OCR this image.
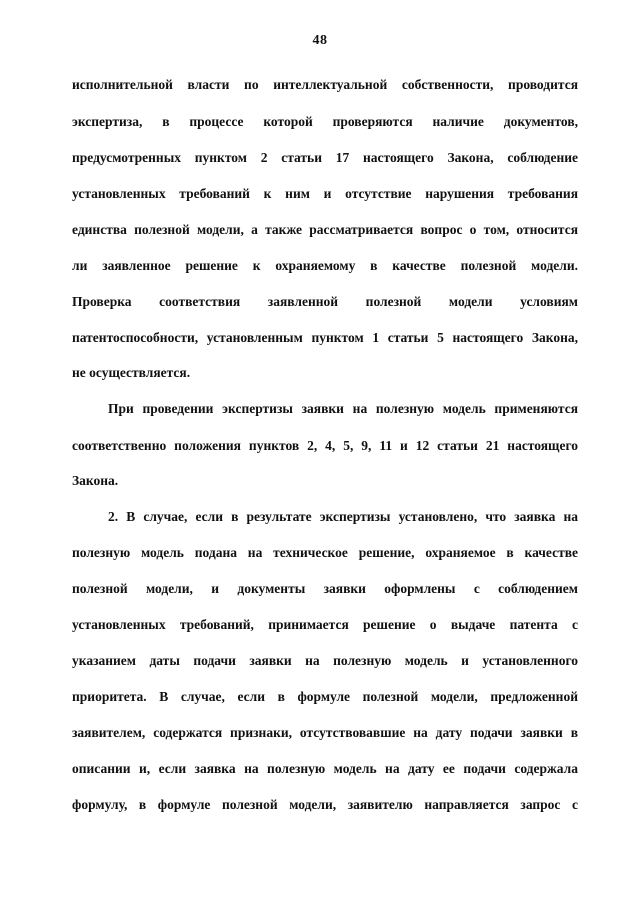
48
исполнительной власти по интеллектуальной собственности, проводится
экспертиза, в процессе которой проверяются наличие документов,
предусмотренных пунктом 2 статьи 17 настоящего Закона, соблюдение
установленных требований к ним и отсутствие нарушения требования
единства полезной модели, а также рассматривается вопрос о том, относится
ли заявленное решение к охраняемому в качестве полезной модели.
Проверка соответствия заявленной полезной модели условиям
патентоспособности, установленным пунктом 1 статьи 5 настоящего Закона,
не осуществляется.
При проведении экспертизы заявки на полезную модель применяются
соответственно положения пунктов 2, 4, 5, 9, 11 и 12 статьи 21 настоящего
Закона.
2. В случае, если в результате экспертизы установлено, что заявка на
полезную модель подана на техническое решение, охраняемое в качестве
полезной модели, и документы заявки оформлены с соблюдением
установленных требований, принимается решение о выдаче патента с
указанием даты подачи заявки на полезную модель и установленного
приоритета. В случае, если в формуле полезной модели, предложенной
заявителем, содержатся признаки, отсутствовавшие на дату подачи заявки в
описании и, если заявка на полезную модель на дату ее подачи содержала
формулу, в формуле полезной модели, заявителю направляется запрос с
